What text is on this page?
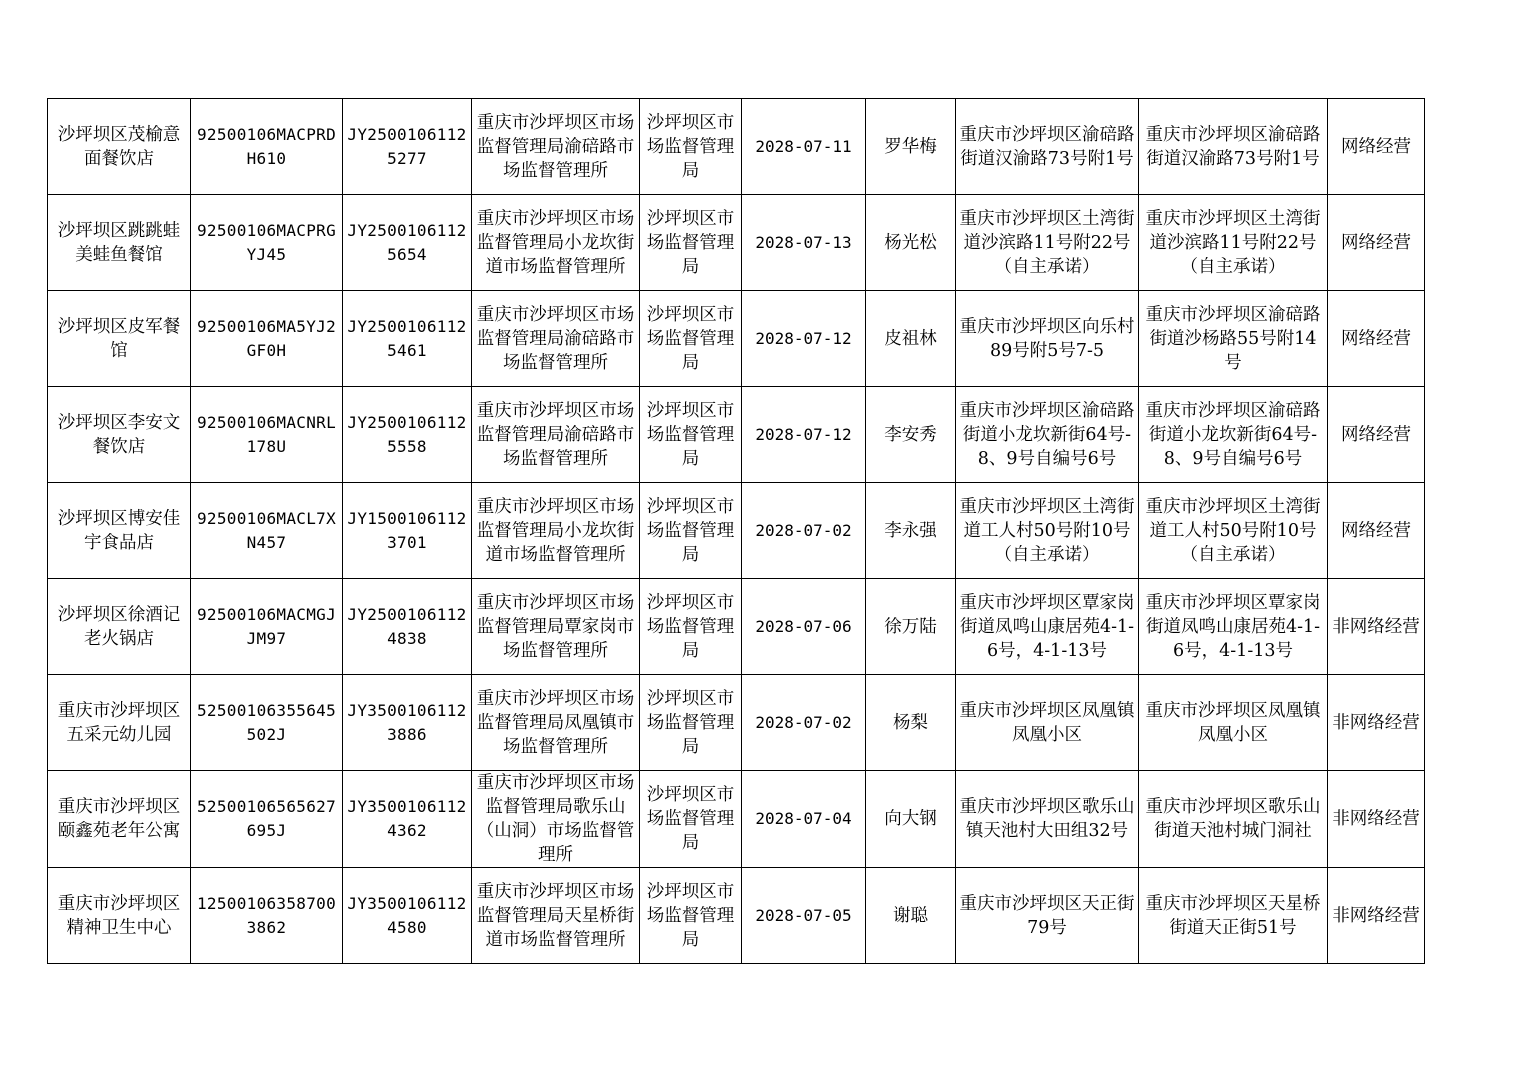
沙坪坝区茂榆意面餐饮店	92500106MACPRDH610	JY25001061125277	重庆市沙坪坝区市场监督管理局渝碚路市场监督管理所	沙坪坝区市场监督管理局	2028-07-11	罗华梅	重庆市沙坪坝区渝碚路街道汉渝路73号附1号	重庆市沙坪坝区渝碚路街道汉渝路73号附1号	网络经营
沙坪坝区跳跳蛙美蛙鱼餐馆	92500106MACPRGYJ45	JY25001061125654	重庆市沙坪坝区市场监督管理局小龙坎街道市场监督管理所	沙坪坝区市场监督管理局	2028-07-13	杨光松	重庆市沙坪坝区土湾街道沙滨路11号附22号（自主承诺）	重庆市沙坪坝区土湾街道沙滨路11号附22号（自主承诺）	网络经营
沙坪坝区皮军餐馆	92500106MA5YJ2GF0H	JY25001061125461	重庆市沙坪坝区市场监督管理局渝碚路市场监督管理所	沙坪坝区市场监督管理局	2028-07-12	皮祖林	重庆市沙坪坝区向乐村89号附5号7-5	重庆市沙坪坝区渝碚路街道沙杨路55号附14号	网络经营
沙坪坝区李安文餐饮店	92500106MACNRL178U	JY25001061125558	重庆市沙坪坝区市场监督管理局渝碚路市场监督管理所	沙坪坝区市场监督管理局	2028-07-12	李安秀	重庆市沙坪坝区渝碚路街道小龙坎新街64号-8、9号自编号6号	重庆市沙坪坝区渝碚路街道小龙坎新街64号-8、9号自编号6号	网络经营
沙坪坝区博安佳宇食品店	92500106MACL7XN457	JY15001061123701	重庆市沙坪坝区市场监督管理局小龙坎街道市场监督管理所	沙坪坝区市场监督管理局	2028-07-02	李永强	重庆市沙坪坝区土湾街道工人村50号附10号（自主承诺）	重庆市沙坪坝区土湾街道工人村50号附10号（自主承诺）	网络经营
沙坪坝区徐酒记老火锅店	92500106MACMGJJM97	JY25001061124838	重庆市沙坪坝区市场监督管理局覃家岗市场监督管理所	沙坪坝区市场监督管理局	2028-07-06	徐万陆	重庆市沙坪坝区覃家岗街道凤鸣山康居苑4-1-6号，4-1-13号	重庆市沙坪坝区覃家岗街道凤鸣山康居苑4-1-6号，4-1-13号	非网络经营
重庆市沙坪坝区五采元幼儿园	52500106355645502J	JY35001061123886	重庆市沙坪坝区市场监督管理局凤凰镇市场监督管理所	沙坪坝区市场监督管理局	2028-07-02	杨梨	重庆市沙坪坝区凤凰镇凤凰小区	重庆市沙坪坝区凤凰镇凤凰小区	非网络经营
重庆市沙坪坝区颐鑫苑老年公寓	52500106565627695J	JY35001061124362	重庆市沙坪坝区市场监督管理局歌乐山（山洞）市场监督管理所	沙坪坝区市场监督管理局	2028-07-04	向大钢	重庆市沙坪坝区歌乐山镇天池村大田组32号	重庆市沙坪坝区歌乐山街道天池村城门洞社	非网络经营
重庆市沙坪坝区精神卫生中心	125001063587003862	JY35001061124580	重庆市沙坪坝区市场监督管理局天星桥街道市场监督管理所	沙坪坝区市场监督管理局	2028-07-05	谢聪	重庆市沙坪坝区天正街79号	重庆市沙坪坝区天星桥街道天正街51号	非网络经营
